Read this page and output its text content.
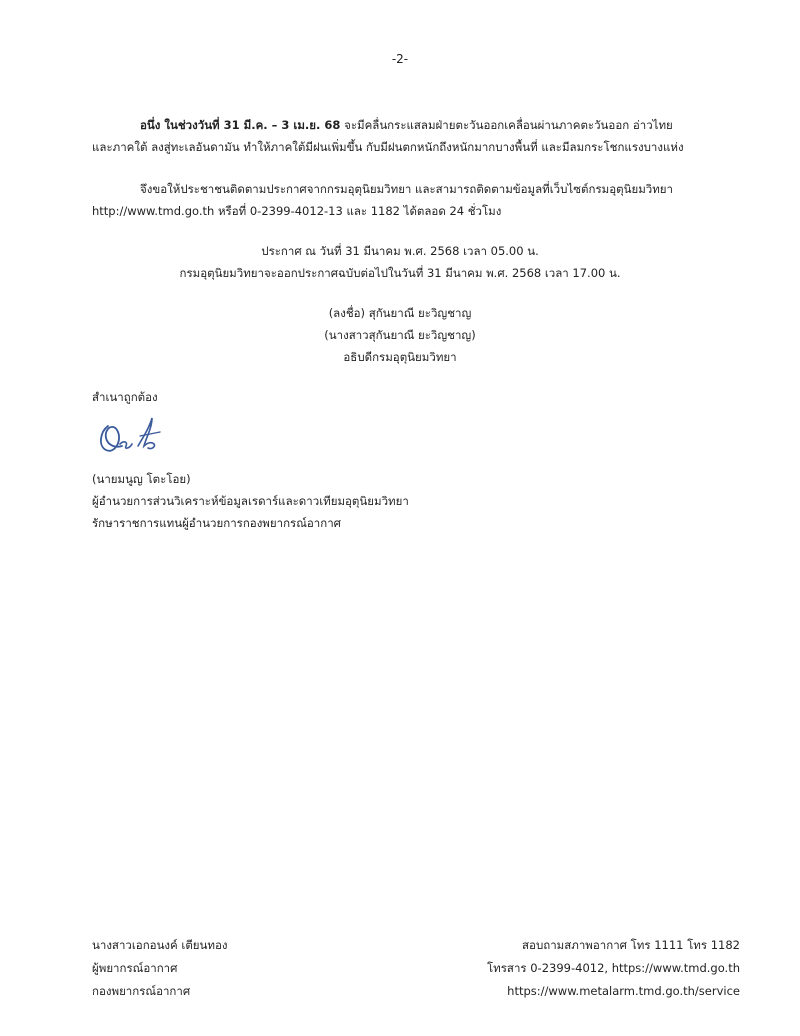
-2-
อนึ่ง ในช่วงวันที่ 31 มี.ค. – 3 เม.ย. 68 จะมีคลื่นกระแสลมฝ่ายตะวันออกเคลื่อนผ่านภาคตะวันออก อ่าวไทย
และภาคใต้ ลงสู่ทะเลอันดามัน ทำให้ภาคใต้มีฝนเพิ่มขึ้น กับมีฝนตกหนักถึงหนักมากบางพื้นที่ และมีลมกระโชกแรงบางแห่ง
จึงขอให้ประชาชนติดตามประกาศจากกรมอุตุนิยมวิทยา และสามารถติดตามข้อมูลที่เว็บไซต์กรมอุตุนิยมวิทยา
http://www.tmd.go.th หรือที่ 0-2399-4012-13 และ 1182 ได้ตลอด 24 ชั่วโมง
ประกาศ ณ วันที่ 31 มีนาคม พ.ศ. 2568 เวลา 05.00 น.
กรมอุตุนิยมวิทยาจะออกประกาศฉบับต่อไปในวันที่ 31 มีนาคม พ.ศ. 2568 เวลา 17.00 น.
(ลงชื่อ) สุกันยาณี ยะวิญชาญ
(นางสาวสุกันยาณี ยะวิญชาญ)
อธิบดีกรมอุตุนิยมวิทยา
สำเนาถูกต้อง
(นายมนูญ โตะโอย)
ผู้อำนวยการส่วนวิเคราะห์ข้อมูลเรดาร์และดาวเทียมอุตุนิยมวิทยา
รักษาราชการแทนผู้อำนวยการกองพยากรณ์อากาศ
นางสาวเอกอนงค์ เตียนทอง
ผู้พยากรณ์อากาศ
กองพยากรณ์อากาศ
สอบถามสภาพอากาศ โทร 1111 โทร 1182
โทรสาร 0-2399-4012, https://www.tmd.go.th
https://www.metalarm.tmd.go.th/service
